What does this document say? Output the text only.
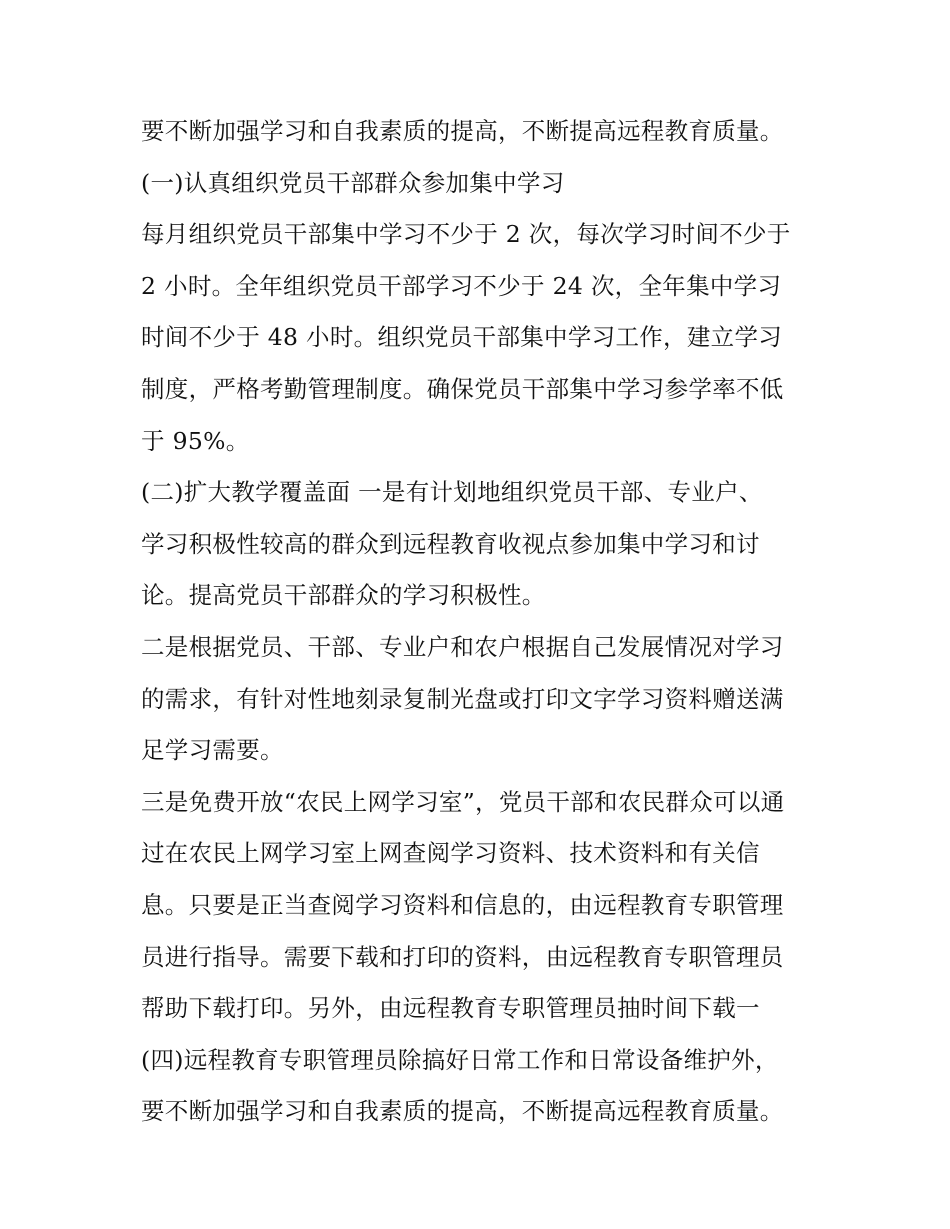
要不断加强学习和自我素质的提高，不断提高远程教育质量。
(一)认真组织党员干部群众参加集中学习
每月组织党员干部集中学习不少于 2 次，每次学习时间不少于
2 小时。全年组织党员干部学习不少于 24 次，全年集中学习
时间不少于 48 小时。组织党员干部集中学习工作，建立学习
制度，严格考勤管理制度。确保党员干部集中学习参学率不低
于 95%。
(二)扩大教学覆盖面 一是有计划地组织党员干部、专业户、
学习积极性较高的群众到远程教育收视点参加集中学习和讨
论。提高党员干部群众的学习积极性。
二是根据党员、干部、专业户和农户根据自己发展情况对学习
的需求，有针对性地刻录复制光盘或打印文字学习资料赠送满
足学习需要。
三是免费开放“农民上网学习室”，党员干部和农民群众可以通
过在农民上网学习室上网查阅学习资料、技术资料和有关信
息。只要是正当查阅学习资料和信息的，由远程教育专职管理
员进行指导。需要下载和打印的资料，由远程教育专职管理员
帮助下载打印。另外，由远程教育专职管理员抽时间下载一
(四)远程教育专职管理员除搞好日常工作和日常设备维护外，
要不断加强学习和自我素质的提高，不断提高远程教育质量。
